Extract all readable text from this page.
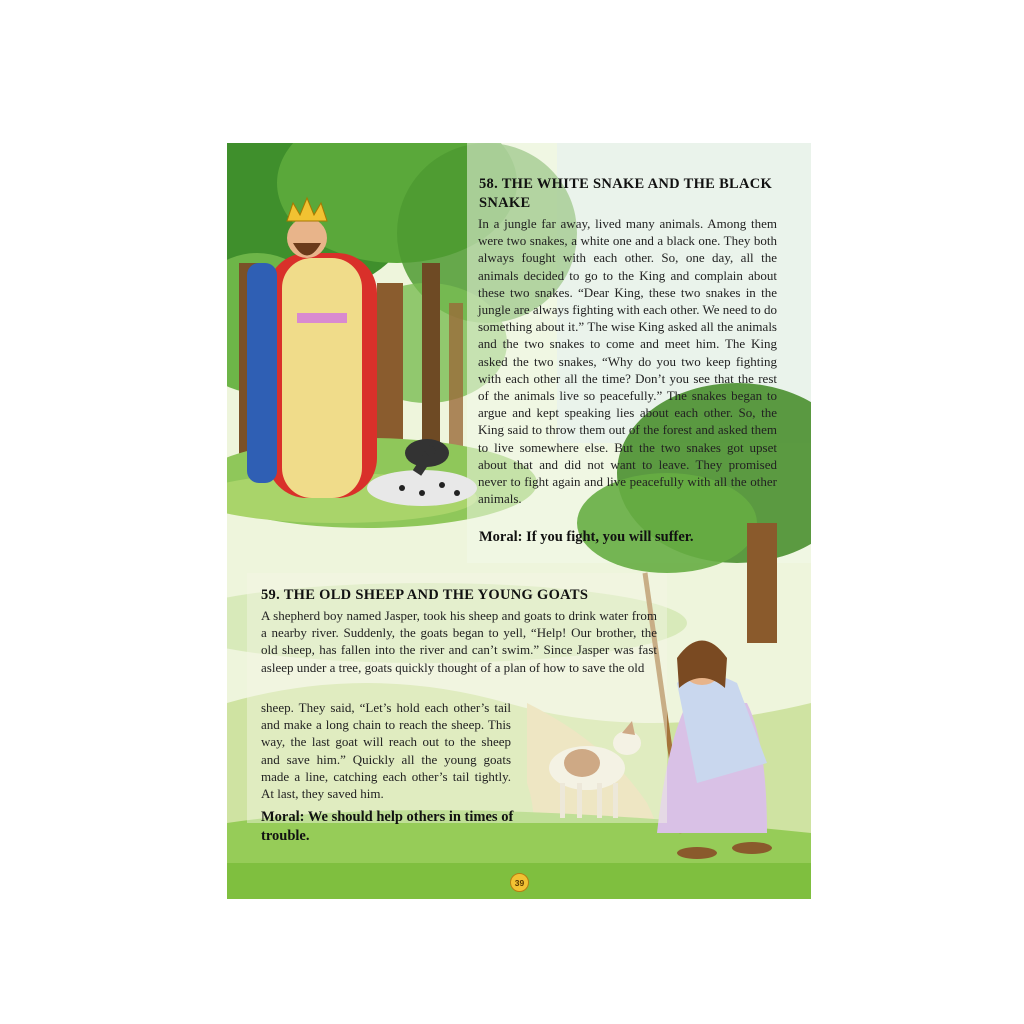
58. THE WHITE SNAKE AND THE BLACK SNAKE

In a jungle far away, lived many animals. Among them were two snakes, a white one and a black one. They both always fought with each other. So, one day, all the animals decided to go to the King and complain about these two snakes. “Dear King, these two snakes in the jungle are always fighting with each other. We need to do something about it.” The wise King asked all the animals and the two snakes to come and meet him. The King asked the two snakes, “Why do you two keep fighting with each other all the time? Don’t you see that the rest of the animals live so peacefully.” The snakes began to argue and kept speaking lies about each other. So, the King said to throw them out of the forest and asked them to live somewhere else. But the two snakes got upset about that and did not want to leave. They promised never to fight again and live peacefully with all the other animals.

Moral: If you fight, you will suffer.

59. THE OLD SHEEP AND THE YOUNG GOATS

A shepherd boy named Jasper, took his sheep and goats to drink water from a nearby river. Suddenly, the goats began to yell, “Help! Our brother, the old sheep, has fallen into the river and can’t swim.” Since Jasper was fast asleep under a tree, goats quickly thought of a plan of how to save the old

sheep. They said, “Let’s hold each other’s tail and make a long chain to reach the sheep. This way, the last goat will reach out to the sheep and save him.” Quickly all the young goats made a line, catching each other’s tail tightly. At last, they saved him.

Moral: We should help others in times of trouble.

39
